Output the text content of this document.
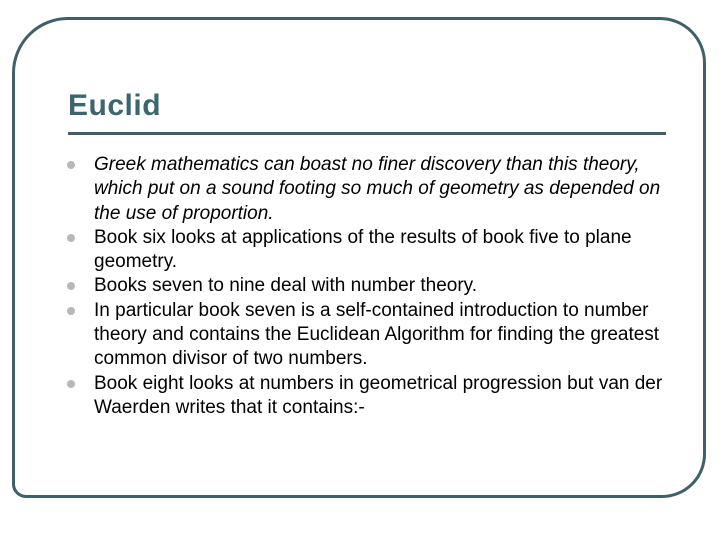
Euclid
Greek mathematics can boast no finer discovery than this theory, which put on a sound footing so much of geometry as depended on the use of proportion.
Book six looks at applications of the results of book five to plane geometry.
Books seven to nine deal with number theory.
In particular book seven is a self-contained introduction to number theory and contains the Euclidean Algorithm for finding the greatest common divisor of two numbers.
Book eight looks at numbers in geometrical progression but van der Waerden writes that it contains:-
